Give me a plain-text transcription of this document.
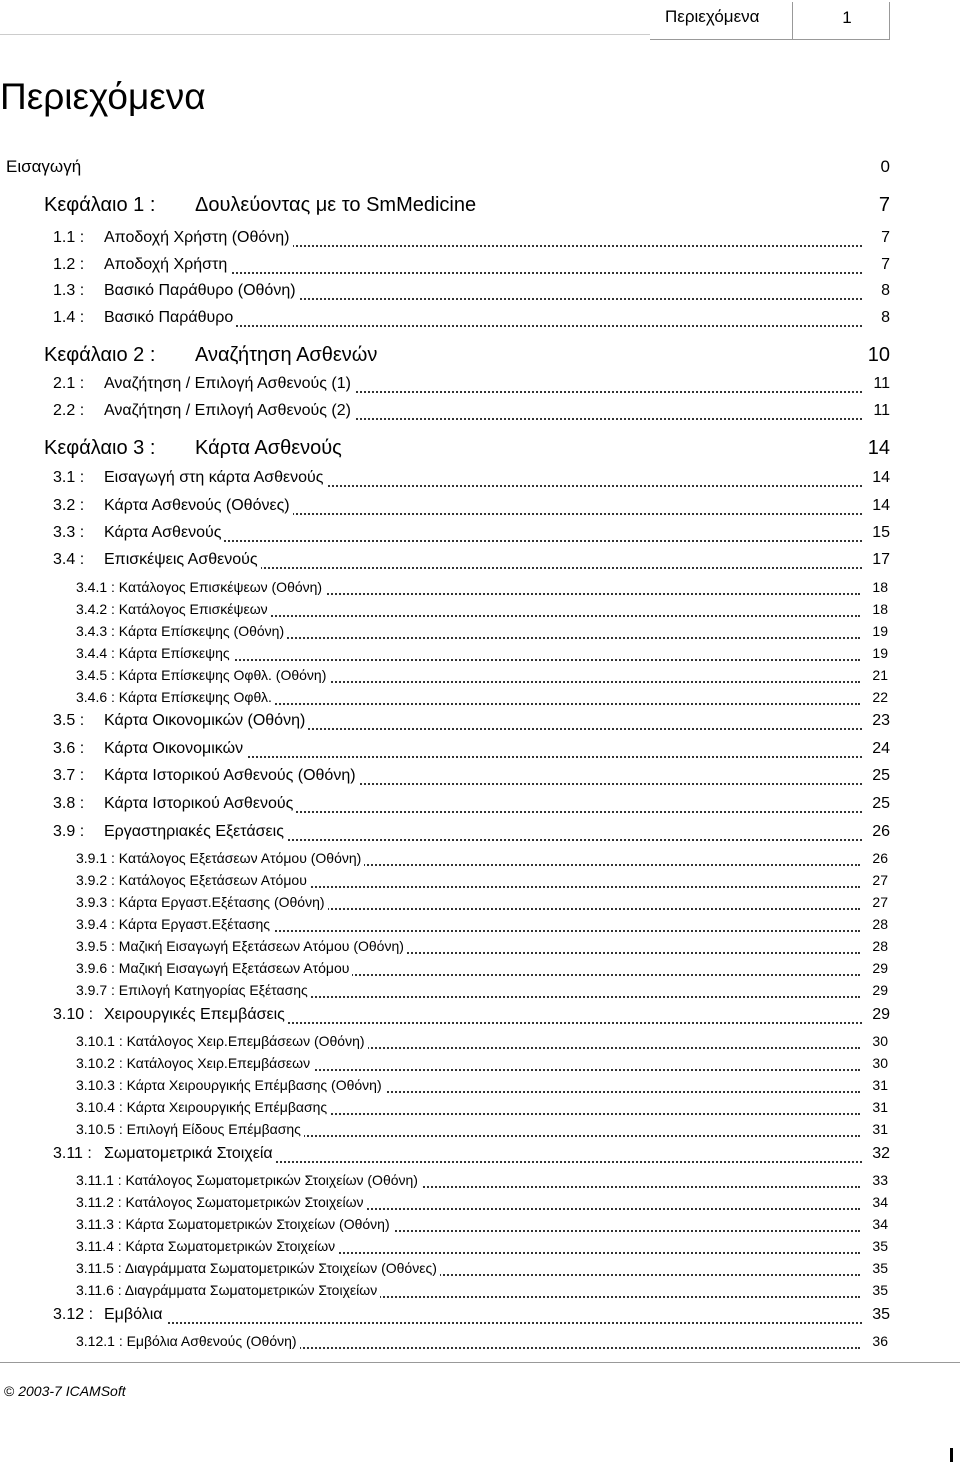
Περιεχόμενα	1
Περιεχόμενα
Εισαγωγή	0
Κεφάλαιο 1 : Δουλεύοντας με το SmMedicine	7
1.1 : Αποδοχή Χρήστη (Οθόνη)	7
1.2 : Αποδοχή Χρήστη	7
1.3 : Βασικό Παράθυρο (Οθόνη)	8
1.4 : Βασικό Παράθυρο	8
Κεφάλαιο 2 : Αναζήτηση Ασθενών	10
2.1 : Αναζήτηση / Επιλογή Ασθενούς (1)	11
2.2 : Αναζήτηση / Επιλογή Ασθενούς (2)	11
Κεφάλαιο 3 : Κάρτα Ασθενούς	14
3.1 : Εισαγωγή στη κάρτα Ασθενούς	14
3.2 : Κάρτα Ασθενούς (Οθόνες)	14
3.3 : Κάρτα Ασθενούς	15
3.4 : Επισκέψεις Ασθενούς	17
3.4.1 : Κατάλογος Επισκέψεων (Οθόνη)	18
3.4.2 : Κατάλογος Επισκέψεων	18
3.4.3 : Κάρτα Επίσκεψης (Οθόνη)	19
3.4.4 : Κάρτα Επίσκεψης	19
3.4.5 : Κάρτα Επίσκεψης Οφθλ. (Οθόνη)	21
3.4.6 : Κάρτα Επίσκεψης Οφθλ.	22
3.5 : Κάρτα Οικονομικών (Οθόνη)	23
3.6 : Κάρτα Οικονομικών	24
3.7 : Κάρτα Ιστορικού Ασθενούς (Οθόνη)	25
3.8 : Κάρτα Ιστορικού Ασθενούς	25
3.9 : Εργαστηριακές Εξετάσεις	26
3.9.1 : Κατάλογος Εξετάσεων Ατόμου (Οθόνη)	26
3.9.2 : Κατάλογος Εξετάσεων Ατόμου	27
3.9.3 : Κάρτα Εργαστ.Εξέτασης (Οθόνη)	27
3.9.4 : Κάρτα Εργαστ.Εξέτασης	28
3.9.5 : Μαζική Εισαγωγή Εξετάσεων Ατόμου (Οθόνη)	28
3.9.6 : Μαζική Εισαγωγή Εξετάσεων Ατόμου	29
3.9.7 : Επιλογή Κατηγορίας Εξέτασης	29
3.10 : Χειρουργικές Επεμβάσεις	29
3.10.1 : Κατάλογος Χειρ.Επεμβάσεων (Οθόνη)	30
3.10.2 : Κατάλογος Χειρ.Επεμβάσεων	30
3.10.3 : Κάρτα Χειρουργικής Επέμβασης (Οθόνη)	31
3.10.4 : Κάρτα Χειρουργικής Επέμβασης	31
3.10.5 : Επιλογή Είδους Επέμβασης	31
3.11 : Σωματομετρικά Στοιχεία	32
3.11.1 : Κατάλογος Σωματομετρικών Στοιχείων (Οθόνη)	33
3.11.2 : Κατάλογος Σωματομετρικών Στοιχείων	34
3.11.3 : Κάρτα Σωματομετρικών Στοιχείων (Οθόνη)	34
3.11.4 : Κάρτα Σωματομετρικών Στοιχείων	35
3.11.5 : Διαγράμματα Σωματομετρικών Στοιχείων (Οθόνες)	35
3.11.6 : Διαγράμματα Σωματομετρικών Στοιχείων	35
3.12 : Εμβόλια	35
3.12.1 : Εμβόλια Ασθενούς (Οθόνη)	36
© 2003-7 ICAMSoft
